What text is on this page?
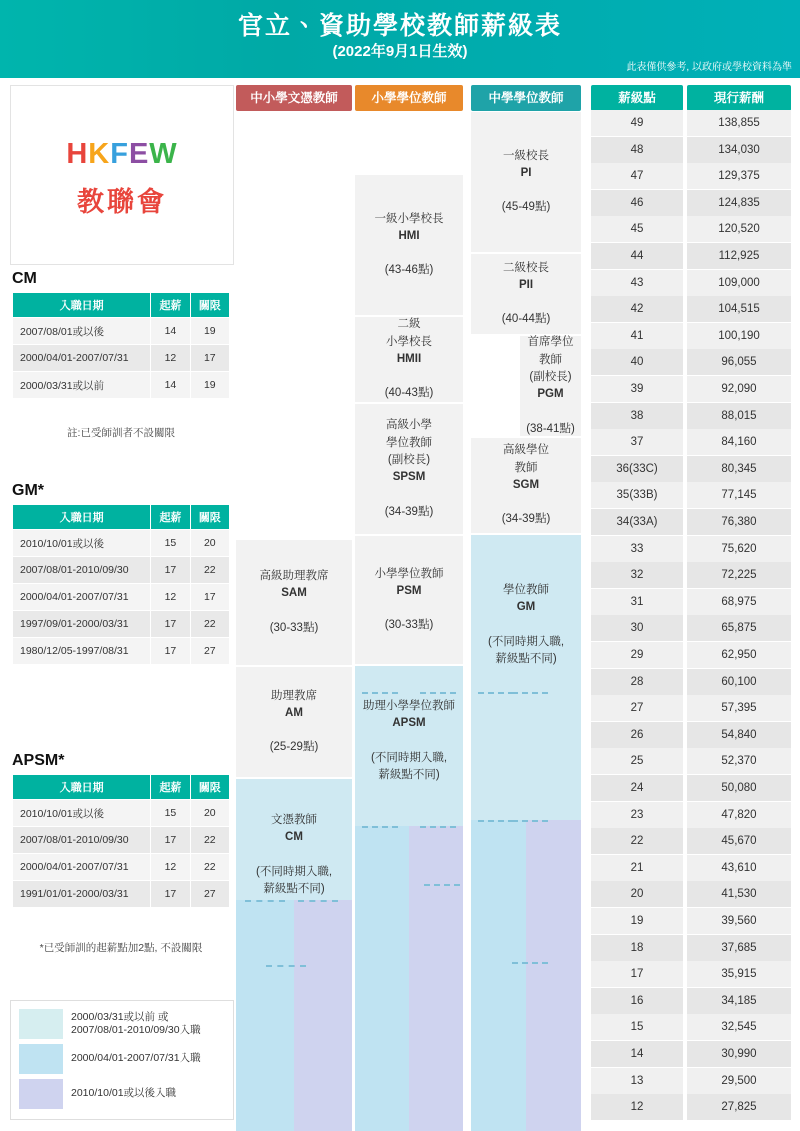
官立、資助學校教師薪級表
(2022年9月1日生效)
此表僅供參考, 以政府或學校資料為準
中小學文憑教師	小學學位教師	中學學位教師	薪級點	現行薪酬
HKFEW
教聯會
CM
入職日期	起薪	關限
2007/08/01或以後	14	19
2000/04/01-2007/07/31	12	17
2000/03/31或以前	14	19
註:已受師訓者不設關限
GM*
入職日期	起薪	關限
2010/10/01或以後	15	20
2007/08/01-2010/09/30	17	22
2000/04/01-2007/07/31	12	17
1997/09/01-2000/03/31	17	22
1980/12/05-1997/08/31	17	27
APSM*
入職日期	起薪	關限
2010/10/01或以後	15	20
2007/08/01-2010/09/30	17	22
2000/04/01-2007/07/31	12	22
1991/01/01-2000/03/31	17	27
*已受師訓的起薪點加2點, 不設關限
2000/03/31或以前 或
2007/08/01-2010/09/30入職
2000/04/01-2007/07/31入職
2010/10/01或以後入職
高級助理教席

SAM

(30-33點)
助理教席

AM

(25-29點)
文憑教師

CM

(不同時期入職,
薪級點不同)
一級小學校長

HMI

(43-46點)
二級
小學校長

HMII

(40-43點)
高級小學
學位教師
(副校長)

SPSM

(34-39點)
小學學位教師

PSM

(30-33點)
助理小學學位教師

APSM

(不同時期入職,
薪級點不同)
一級校長

PI

(45-49點)
二級校長

PII

(40-44點)
首席學位
教師
(副校長)

PGM

(38-41點)
高級學位
教師

SGM

(34-39點)
學位教師

GM

(不同時期入職,
薪級點不同)
49	138,855
48	134,030
47	129,375
46	124,835
45	120,520
44	112,925
43	109,000
42	104,515
41	100,190
40	96,055
39	92,090
38	88,015
37	84,160
36(33C)	80,345
35(33B)	77,145
34(33A)	76,380
33	75,620
32	72,225
31	68,975
30	65,875
29	62,950
28	60,100
27	57,395
26	54,840
25	52,370
24	50,080
23	47,820
22	45,670
21	43,610
20	41,530
19	39,560
18	37,685
17	35,915
16	34,185
15	32,545
14	30,990
13	29,500
12	27,825
